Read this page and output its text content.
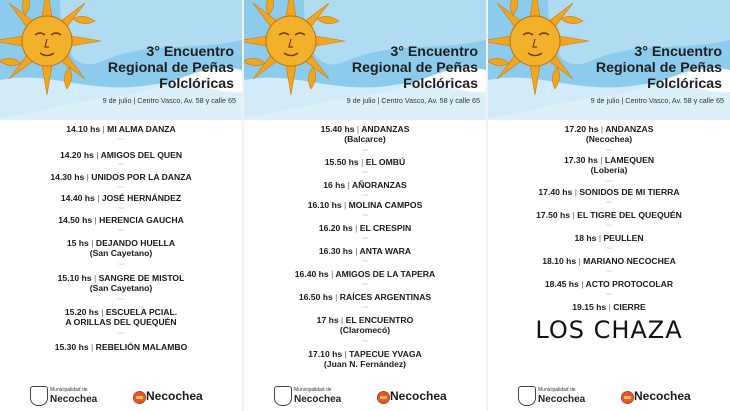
3° Encuentro Regional de Peñas Folclóricas
9 de julio | Centro Vasco, Av. 58 y calle 65
14.10 hs | MI ALMA DANZA
~
14.20 hs | AMIGOS DEL QUEN
~
14.30 hs | UNIDOS POR LA DANZA
~
14.40 hs | JOSÉ HERNÁNDEZ
~
14.50 hs | HERENCIA GAUCHA
~
15 hs | DEJANDO HUELLA
(San Cayetano)
~
15.10 hs | SANGRE DE MISTOL
(San Cayetano)
~
15.20 hs | ESCUELA PCIAL.
A ORILLAS DEL QUEQUÉN
~
15.30 hs | REBELIÓN MALAMBO
Municipalidad de
Necochea	Necochea
3° Encuentro Regional de Peñas Folclóricas
9 de julio | Centro Vasco, Av. 58 y calle 65
15.40 hs | ANDANZAS
(Balcarce)
~
15.50 hs | EL OMBÚ
~
16 hs | AÑORANZAS
~
16.10 hs | MOLINA CAMPOS
~
16.20 hs | EL CRESPIN
~
16.30 hs | ANTA WARA
~
16.40 hs | AMIGOS DE LA TAPERA
~
16.50 hs | RAÍCES ARGENTINAS
~
17 hs | EL ENCUENTRO
(Claromecó)
~
17.10 hs | TAPECUE YVAGA
(Juan N. Fernández)
Municipalidad de
Necochea	Necochea
3° Encuentro Regional de Peñas Folclóricas
9 de julio | Centro Vasco, Av. 58 y calle 65
17.20 hs | ANDANZAS
(Necochea)
~
17.30 hs | LAMEQUEN
(Lobería)
~
17.40 hs | SONIDOS DE MI TIERRA
~
17.50 hs | EL TIGRE DEL QUEQUÉN
~
18 hs | PEULLEN
~
18.10 hs | MARIANO NECOCHEA
~
18.45 hs | ACTO PROTOCOLAR
~
19.15 hs | CIERRE
LOS CHAZA
Municipalidad de
Necochea	Necochea
